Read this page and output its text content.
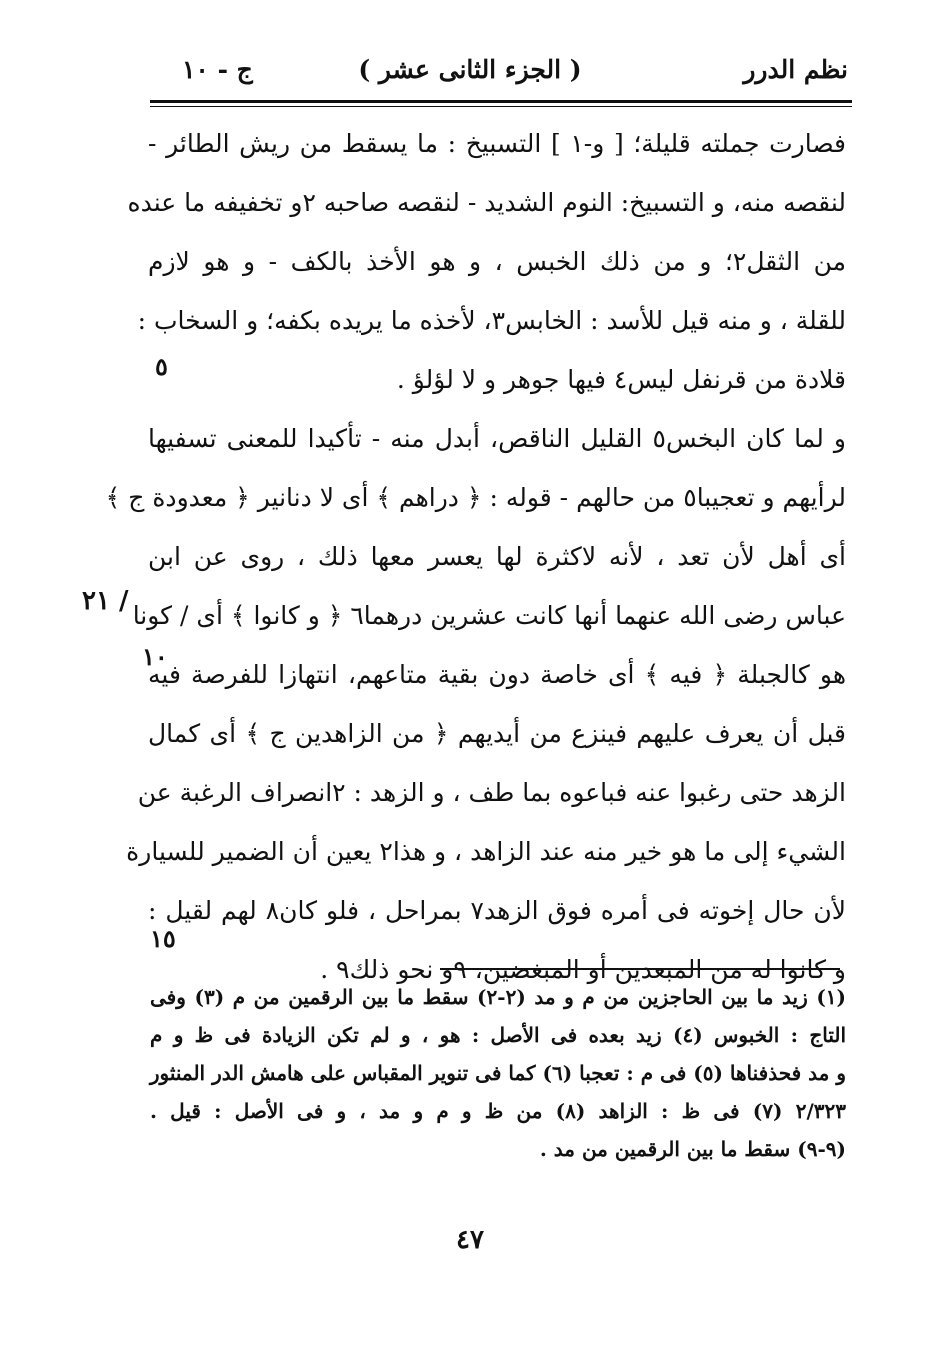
نظم الدرر
( الجزء الثانى عشر )
ج - ١٠
فصارت جملته قليلة؛ [ و-١ ] التسبيخ : ما يسقط من ريش الطائر -
لنقصه منه، و التسبيخ: النوم الشديد - لنقصه صاحبه ٢و تخفيفه ما عنده
من الثقل٢؛ و من ذلك الخبس ، و هو الأخذ بالكف - و هو لازم
للقلة ، و منه قيل للأسد : الخابس٣، لأخذه ما يريده بكفه؛ و السخاب :
قلادة من قرنفل ليس٤ فيها جوهر و لا لؤلؤ .
و لما كان البخس٥ القليل الناقص، أبدل منه - تأكيدا للمعنى تسفيها
لرأيهم و تعجيبا٥ من حالهم - قوله : ﴿ دراهم ﴾ أى لا دنانير ﴿ معدودة ج ﴾
أى أهل لأن تعد ، لأنه لاكثرة لها يعسر معها ذلك ، روى عن ابن
عباس رضى الله عنهما أنها كانت عشرين درهما٦ ﴿ و كانوا ﴾ أى / كونا
هو كالجبلة ﴿ فيه ﴾ أى خاصة دون بقية متاعهم، انتهازا للفرصة فيه
قبل أن يعرف عليهم فينزع من أيديهم ﴿ من الزاهدين ج ﴾ أى كمال
الزهد حتى رغبوا عنه فباعوه بما طف ، و الزهد : ٢انصراف الرغبة عن
الشيء إلى ما هو خير منه عند الزاهد ، و هذا٢ يعين أن الضمير للسيارة
لأن حال إخوته فى أمره فوق الزهد٧ بمراحل ، فلو كان٨ لهم لقيل :
و كانوا له من المبعدين أو المبغضين، ٩و نحو ذلك٩ .
٥
٢١ /
١٠
١٥
(١) زيد ما بين الحاجزين من م و مد (٢-٢) سقط ما بين الرقمين من م (٣) وفى
التاج : الخبوس (٤) زيد بعده فى الأصل : هو ، و لم تكن الزيادة فى ظ و م
و مد فحذفناها (٥) فى م : تعجبا (٦) كما فى تنوير المقباس على هامش الدر المنثور
٢/٣٢٣ (٧) فى ظ : الزاهد (٨) من ظ و م و مد ، و فى الأصل : قيل .
(٩-٩) سقط ما بين الرقمين من مد .
٤٧
